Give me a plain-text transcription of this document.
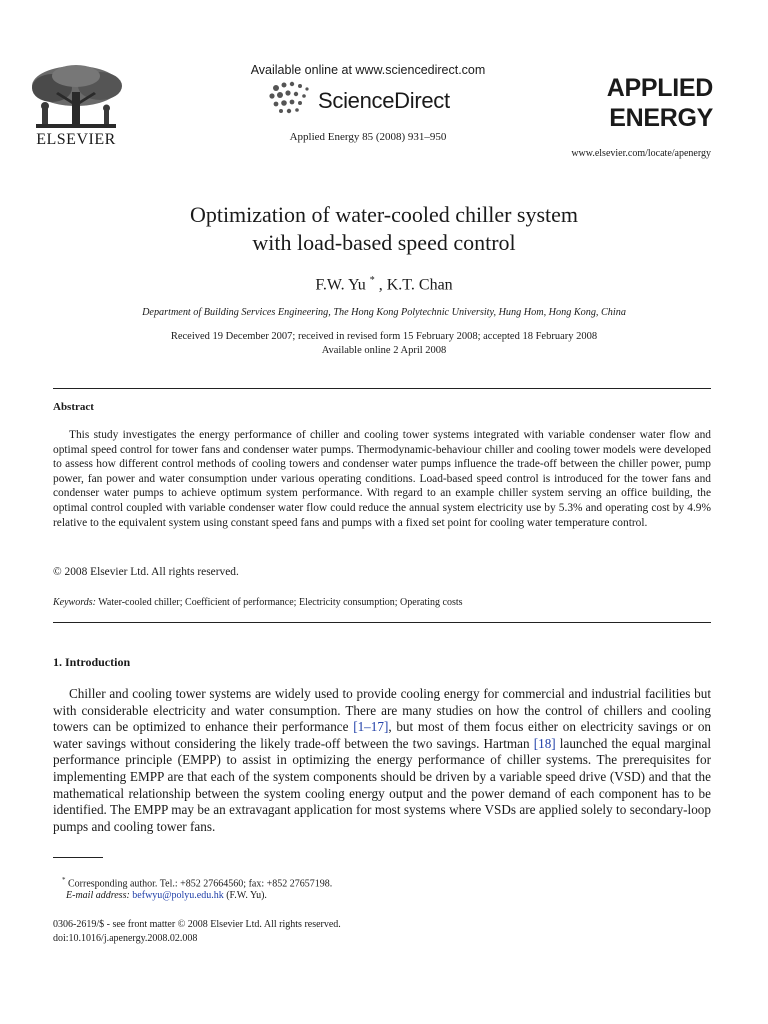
ELSEVIER
Available online at www.sciencedirect.com
ScienceDirect
Applied Energy 85 (2008) 931–950
APPLIED
ENERGY
www.elsevier.com/locate/apenergy
Optimization of water-cooled chiller system
with load-based speed control
F.W. Yu * , K.T. Chan
Department of Building Services Engineering, The Hong Kong Polytechnic University, Hung Hom, Hong Kong, China
Received 19 December 2007; received in revised form 15 February 2008; accepted 18 February 2008
Available online 2 April 2008
Abstract
This study investigates the energy performance of chiller and cooling tower systems integrated with variable condenser water flow and optimal speed control for tower fans and condenser water pumps. Thermodynamic-behaviour chiller and cooling tower models were developed to assess how different control methods of cooling towers and condenser water pumps influence the trade-off between the chiller power, pump power, fan power and water consumption under various operating conditions. Load-based speed control is introduced for the tower fans and condenser water pumps to achieve optimum system performance. With regard to an example chiller system serving an office building, the optimal control coupled with variable condenser water flow could reduce the annual system electricity use by 5.3% and operating cost by 4.9% relative to the equivalent system using constant speed fans and pumps with a fixed set point for cooling water temperature control.
© 2008 Elsevier Ltd. All rights reserved.
Keywords: Water-cooled chiller; Coefficient of performance; Electricity consumption; Operating costs
1. Introduction
Chiller and cooling tower systems are widely used to provide cooling energy for commercial and industrial facilities but with considerable electricity and water consumption. There are many studies on how the control of chillers and cooling towers can be optimized to enhance their performance [1–17], but most of them focus either on electricity savings or on water savings without considering the likely trade-off between the two savings. Hartman [18] launched the equal marginal performance principle (EMPP) to assist in optimizing the energy performance of chiller systems. The prerequisites for implementing EMPP are that each of the system components should be driven by a variable speed drive (VSD) and that the mathematical relationship between the system cooling energy output and the power demand of each component has to be identified. The EMPP may be an extravagant application for most systems where VSDs are applied solely to secondary-loop pumps and cooling tower fans.
* Corresponding author. Tel.: +852 27664560; fax: +852 27657198.
E-mail address: befwyu@polyu.edu.hk (F.W. Yu).
0306-2619/$ - see front matter © 2008 Elsevier Ltd. All rights reserved.
doi:10.1016/j.apenergy.2008.02.008
